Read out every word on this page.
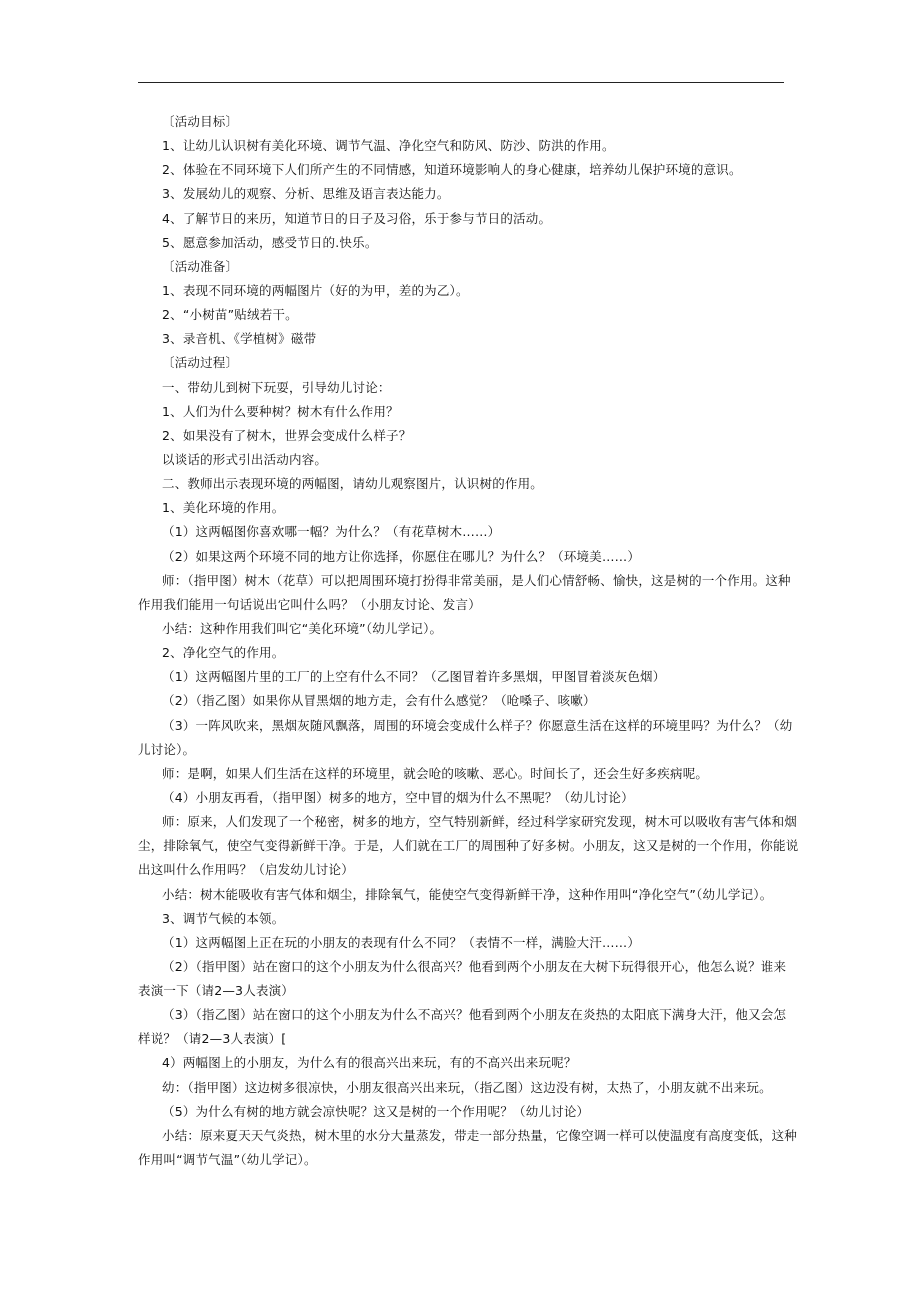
〔活动目标〕
1、让幼儿认识树有美化环境、调节气温、净化空气和防风、防沙、防洪的作用。
2、体验在不同环境下人们所产生的不同情感，知道环境影响人的身心健康，培养幼儿保护环境的意识。
3、发展幼儿的观察、分析、思维及语言表达能力。
4、了解节日的来历，知道节日的日子及习俗，乐于参与节日的活动。
5、愿意参加活动，感受节日的.快乐。
〔活动准备〕
1、表现不同环境的两幅图片（好的为甲，差的为乙）。
2、“小树苗”贴绒若干。
3、录音机、《学植树》磁带
〔活动过程〕
一、带幼儿到树下玩耍，引导幼儿讨论：
1、人们为什么要种树？树木有什么作用？
2、如果没有了树木，世界会变成什么样子？
以谈话的形式引出活动内容。
二、教师出示表现环境的两幅图，请幼儿观察图片，认识树的作用。
1、美化环境的作用。
（1）这两幅图你喜欢哪一幅？为什么？（有花草树木……）
（2）如果这两个环境不同的地方让你选择，你愿住在哪儿？为什么？（环境美……）
师：（指甲图）树木（花草）可以把周围环境打扮得非常美丽，是人们心情舒畅、愉快，这是树的一个作用。这种
作用我们能用一句话说出它叫什么吗？（小朋友讨论、发言）
小结：这种作用我们叫它“美化环境”（幼儿学记）。
2、净化空气的作用。
（1）这两幅图片里的工厂的上空有什么不同？（乙图冒着许多黑烟，甲图冒着淡灰色烟）
（2）（指乙图）如果你从冒黑烟的地方走，会有什么感觉？（呛嗓子、咳嗽）
（3）一阵风吹来，黑烟灰随风飘落，周围的环境会变成什么样子？你愿意生活在这样的环境里吗？为什么？（幼
儿讨论）。
师：是啊，如果人们生活在这样的环境里，就会呛的咳嗽、恶心。时间长了，还会生好多疾病呢。
（4）小朋友再看，（指甲图）树多的地方，空中冒的烟为什么不黑呢？（幼儿讨论）
师：原来，人们发现了一个秘密，树多的地方，空气特别新鲜，经过科学家研究发现，树木可以吸收有害气体和烟
尘，排除氧气，使空气变得新鲜干净。于是，人们就在工厂的周围种了好多树。小朋友，这又是树的一个作用，你能说
出这叫什么作用吗？（启发幼儿讨论）
小结：树木能吸收有害气体和烟尘，排除氧气，能使空气变得新鲜干净，这种作用叫“净化空气”（幼儿学记）。
3、调节气候的本领。
（1）这两幅图上正在玩的小朋友的表现有什么不同？（表情不一样，满脸大汗……）
（2）（指甲图）站在窗口的这个小朋友为什么很高兴？他看到两个小朋友在大树下玩得很开心，他怎么说？谁来
表演一下（请2—3人表演）
（3）（指乙图）站在窗口的这个小朋友为什么不高兴？他看到两个小朋友在炎热的太阳底下满身大汗，他又会怎
样说？（请2—3人表演）[
4）两幅图上的小朋友，为什么有的很高兴出来玩，有的不高兴出来玩呢？
幼：（指甲图）这边树多很凉快，小朋友很高兴出来玩，（指乙图）这边没有树，太热了，小朋友就不出来玩。
（5）为什么有树的地方就会凉快呢？这又是树的一个作用呢？（幼儿讨论）
小结：原来夏天天气炎热，树木里的水分大量蒸发，带走一部分热量，它像空调一样可以使温度有高度变低，这种
作用叫“调节气温”（幼儿学记）。
